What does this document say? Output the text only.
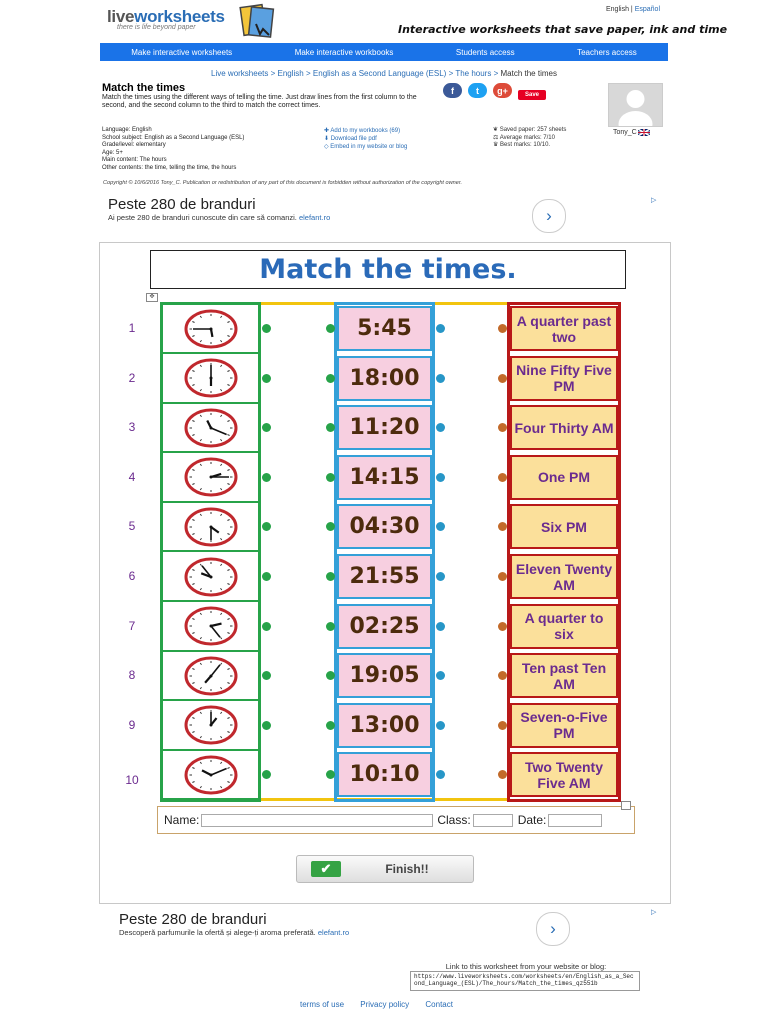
liveworksheets
there is life beyond paper
English | Español
Interactive worksheets that save paper, ink and time
Make interactive worksheets	Make interactive workbooks	Students access	Teachers access
Live worksheets > English > English as a Second Language (ESL) > The hours > Match the times
Match the times
Match the times using the different ways of telling the time. Just draw lines from the first column to the second, and the second column to the third to match the correct times.
f	t	g+	Save
Language: English
School subject: English as a Second Language (ESL)
Grade/level: elementary
Age: 5+
Main content: The hours
Other contents: the time, telling the time, the hours
✚ Add to my workbooks (69)
⬇ Download file pdf
◇ Embed in my website or blog
❦ Saved paper: 257 sheets
⚖ Average marks: 7/10
♛ Best marks: 10/10.
Tony_C
Copyright © 10/6/2016 Tony_C. Publication or redistribution of any part of this document is forbidden without authorization of the copyright owner.
Peste 280 de branduri
Ai peste 280 de branduri cunoscute din care să comanzi. elefant.ro	›
▷
Match the times.
✥
1	5:45	A quarter past two
2	18:00	Nine Fifty Five PM
3	11:20	Four Thirty AM
4	14:15	One PM
5	04:30	Six PM
6	21:55	Eleven Twenty AM
7	02:25	A quarter to six
8	19:05	Ten past Ten AM
9	13:00	Seven-o-Five PM
10	10:10	Two Twenty Five AM
Name:	Class:	Date:
✔	Finish!!
Peste 280 de branduri
Descoperă parfumurile la ofertă și alege-ți aroma preferată. elefant.ro	›
▷
Link to this worksheet from your website or blog:
https://www.liveworksheets.com/worksheets/en/English_as_a_Second_Language_(ESL)/The_hours/Match_the_times_qz551b
terms of use Privacy policy Contact
